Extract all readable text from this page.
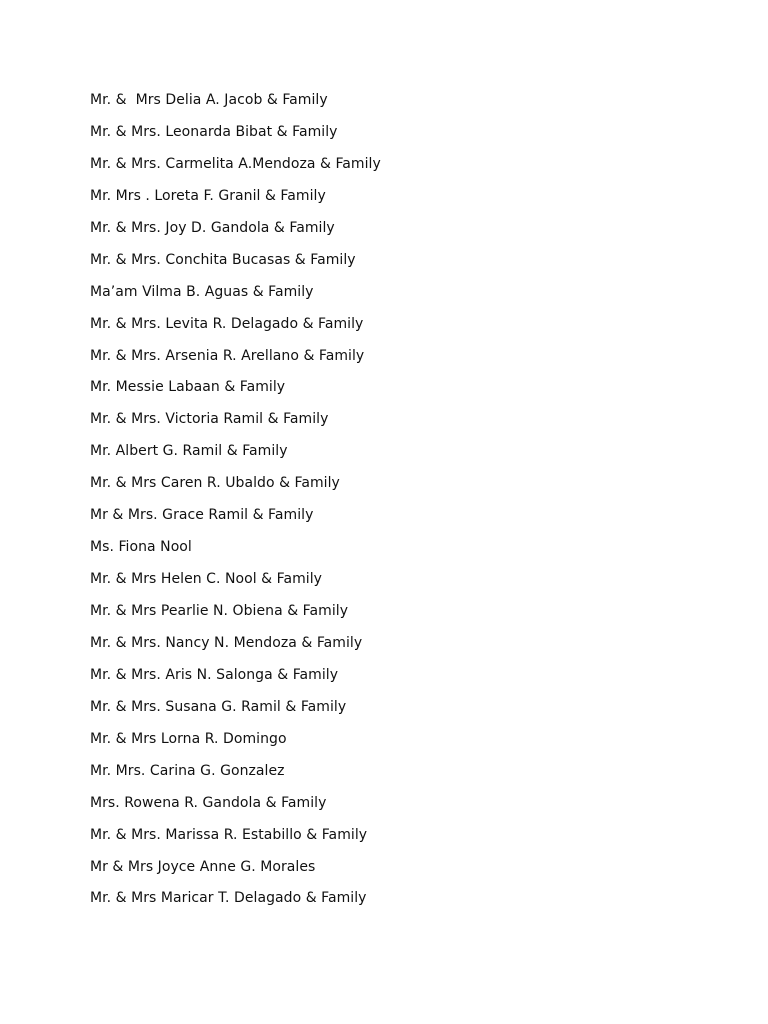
Mr. &  Mrs Delia A. Jacob & Family
Mr. & Mrs. Leonarda Bibat & Family
Mr. & Mrs. Carmelita A.Mendoza & Family
Mr. Mrs . Loreta F. Granil & Family
Mr. & Mrs. Joy D. Gandola & Family
Mr. & Mrs. Conchita Bucasas & Family
Ma’am Vilma B. Aguas & Family
Mr. & Mrs. Levita R. Delagado & Family
Mr. & Mrs. Arsenia R. Arellano & Family
Mr. Messie Labaan & Family
Mr. & Mrs. Victoria Ramil & Family
Mr. Albert G. Ramil & Family
Mr. & Mrs Caren R. Ubaldo & Family
Mr & Mrs. Grace Ramil & Family
Ms. Fiona Nool
Mr. & Mrs Helen C. Nool & Family
Mr. & Mrs Pearlie N. Obiena & Family
Mr. & Mrs. Nancy N. Mendoza & Family
Mr. & Mrs. Aris N. Salonga & Family
Mr. & Mrs. Susana G. Ramil & Family
Mr. & Mrs Lorna R. Domingo
Mr. Mrs. Carina G. Gonzalez
Mrs. Rowena R. Gandola & Family
Mr. & Mrs. Marissa R. Estabillo & Family
Mr & Mrs Joyce Anne G. Morales
Mr. & Mrs Maricar T. Delagado & Family
